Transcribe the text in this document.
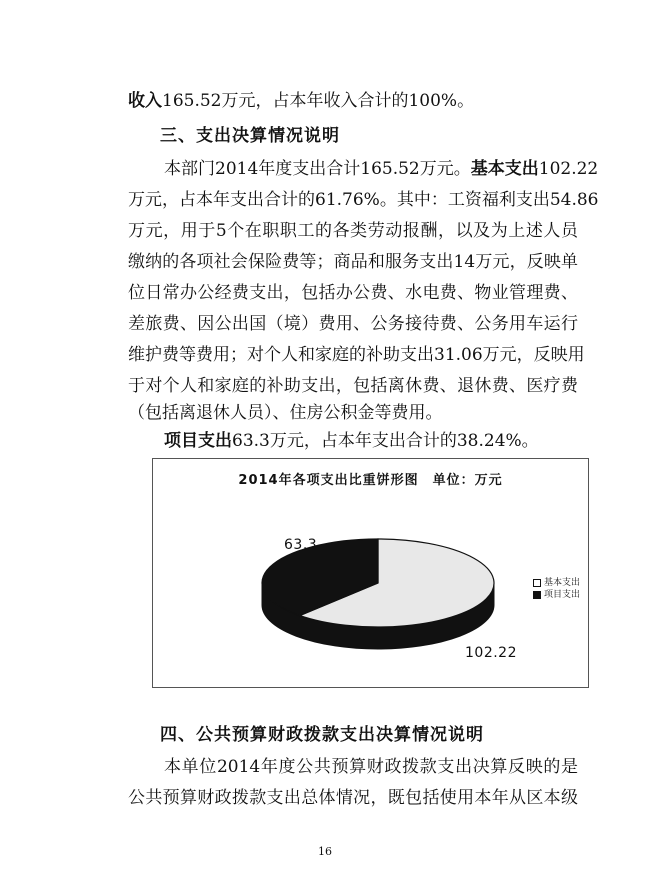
收入165.52万元，占本年收入合计的100%。
三、支出决算情况说明
本部门2014年度支出合计165.52万元。基本支出102.22
万元，占本年支出合计的61.76%。其中：工资福利支出54.86
万元，用于5个在职职工的各类劳动报酬，以及为上述人员
缴纳的各项社会保险费等；商品和服务支出14万元，反映单
位日常办公经费支出，包括办公费、水电费、物业管理费、
差旅费、因公出国（境）费用、公务接待费、公务用车运行
维护费等费用；对个人和家庭的补助支出31.06万元，反映用
于对个人和家庭的补助支出，包括离休费、退休费、医疗费
（包括离退休人员）、住房公积金等费用。
项目支出63.3万元，占本年支出合计的38.24%。
2014年各项支出比重饼形图　单位：万元
63.3
102.22
基本支出
项目支出
四、公共预算财政拨款支出决算情况说明
本单位2014年度公共预算财政拨款支出决算反映的是
公共预算财政拨款支出总体情况，既包括使用本年从区本级
16
